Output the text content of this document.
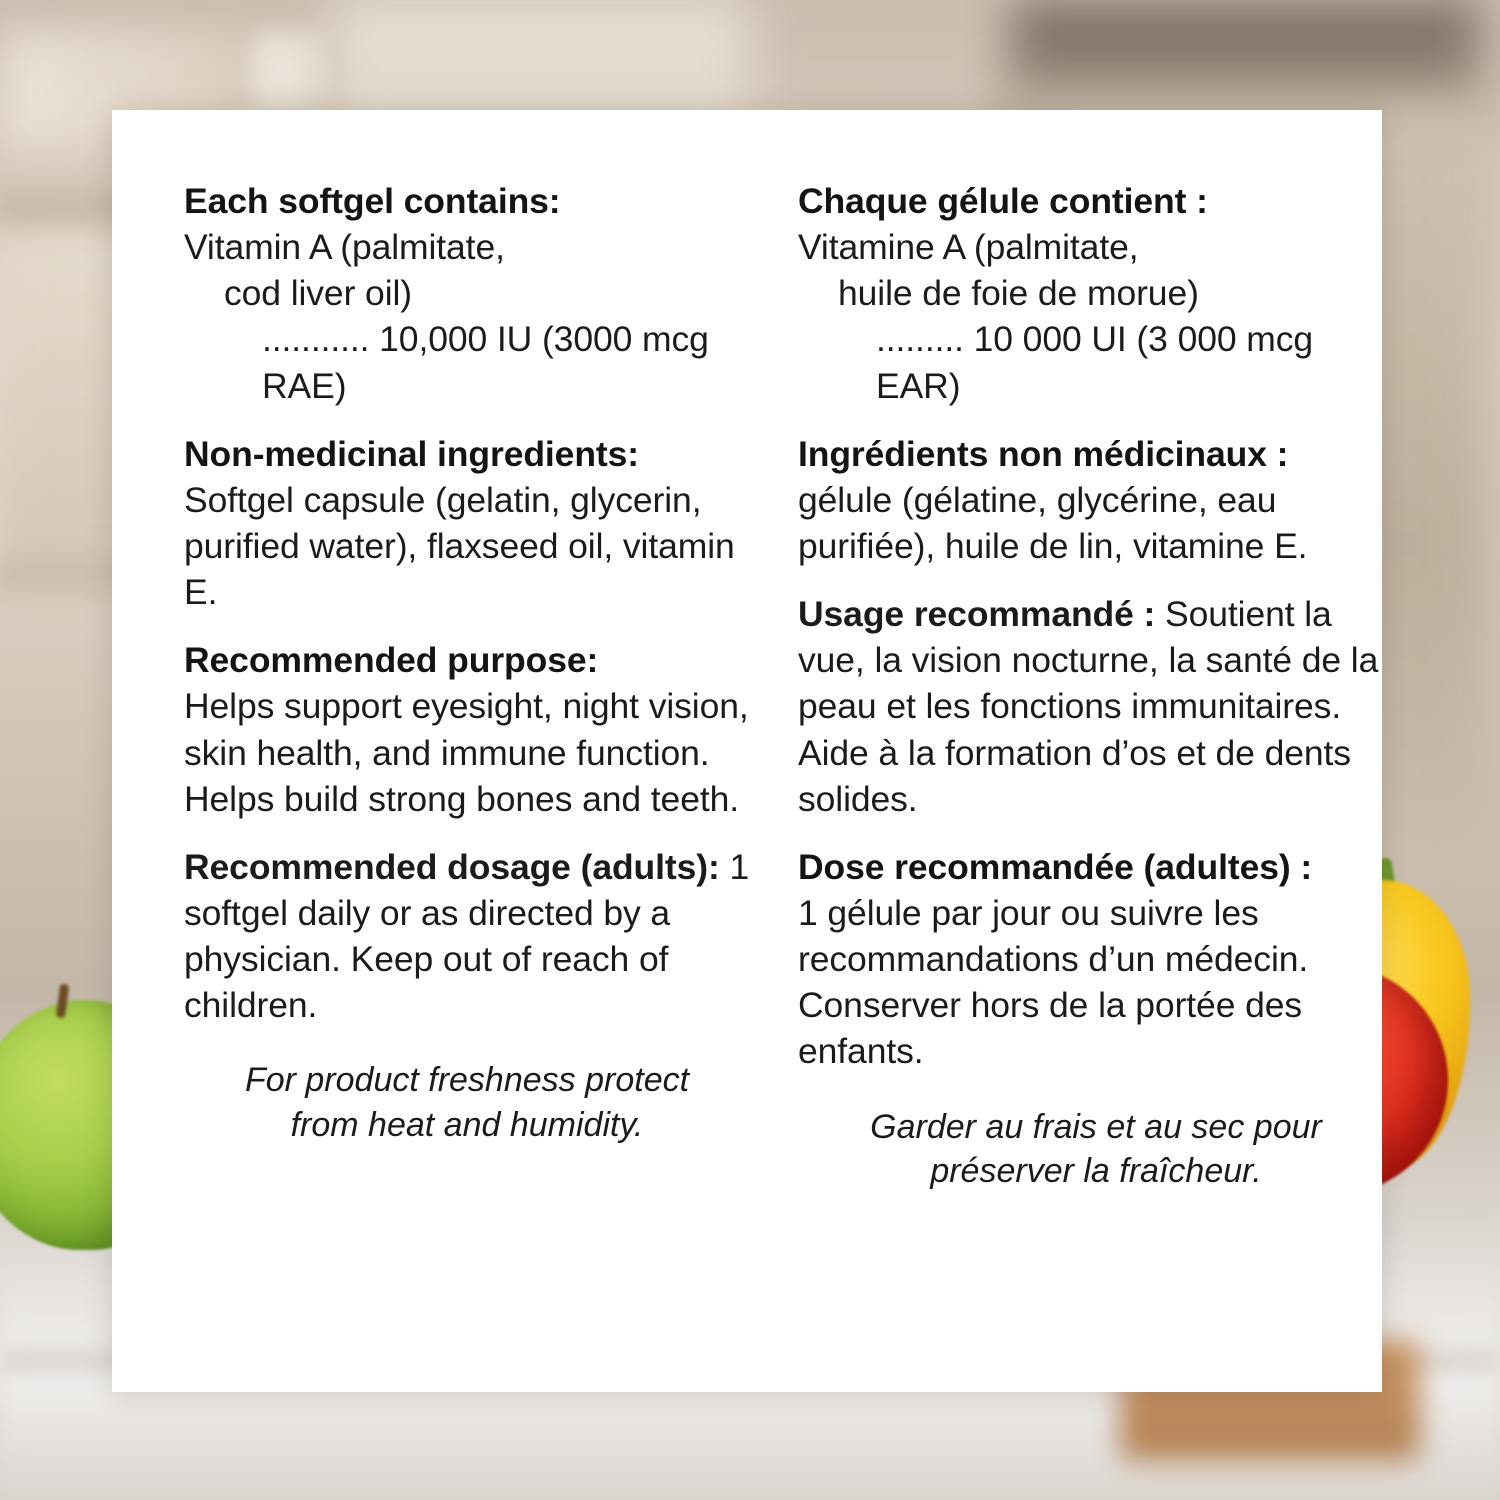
Each softgel contains:
Vitamin A (palmitate,
cod liver oil)
........... 10,000 IU (3000 mcg RAE)
Non-medicinal ingredients:
Softgel capsule (gelatin, glycerin, purified water), flaxseed oil, vitamin E.
Recommended purpose:
Helps support eyesight, night vision, skin health, and immune function. Helps build strong bones and teeth.
Recommended dosage (adults): 1 softgel daily or as directed by a physician. Keep out of reach of children.
For product freshness protect from heat and humidity.
Chaque gélule contient :
Vitamine A (palmitate,
huile de foie de morue)
......... 10 000 UI (3 000 mcg EAR)
Ingrédients non médicinaux :
gélule (gélatine, glycérine, eau purifiée), huile de lin, vitamine E.
Usage recommandé : Soutient la vue, la vision nocturne, la santé de la peau et les fonctions immunitaires. Aide à la formation d’os et de dents solides.
Dose recommandée (adultes) :
1 gélule par jour ou suivre les recommandations d’un médecin. Conserver hors de la portée des enfants.
Garder au frais et au sec pour préserver la fraîcheur.
